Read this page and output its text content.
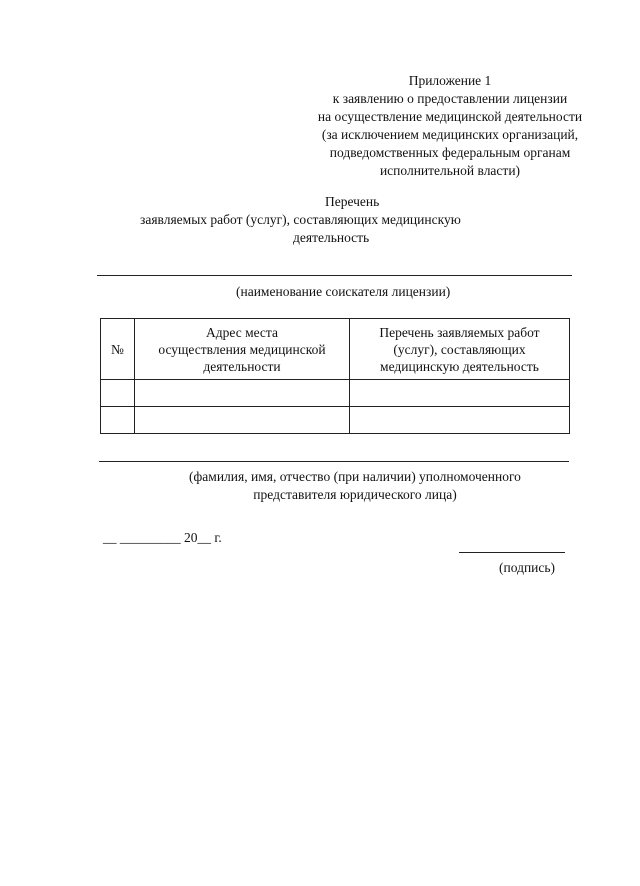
Приложение 1
к заявлению о предоставлении лицензии
на осуществление медицинской деятельности
(за исключением медицинских организаций,
подведомственных федеральным органам
исполнительной власти)
Перечень
заявляемых работ (услуг), составляющих медицинскую
деятельность
(наименование соискателя лицензии)
№	Адрес места
осуществления медицинской
деятельности	Перечень заявляемых работ
(услуг), составляющих
медицинскую деятельность

(фамилия, имя, отчество (при наличии) уполномоченного
представителя юридического лица)
__ _________ 20__ г.
(подпись)
